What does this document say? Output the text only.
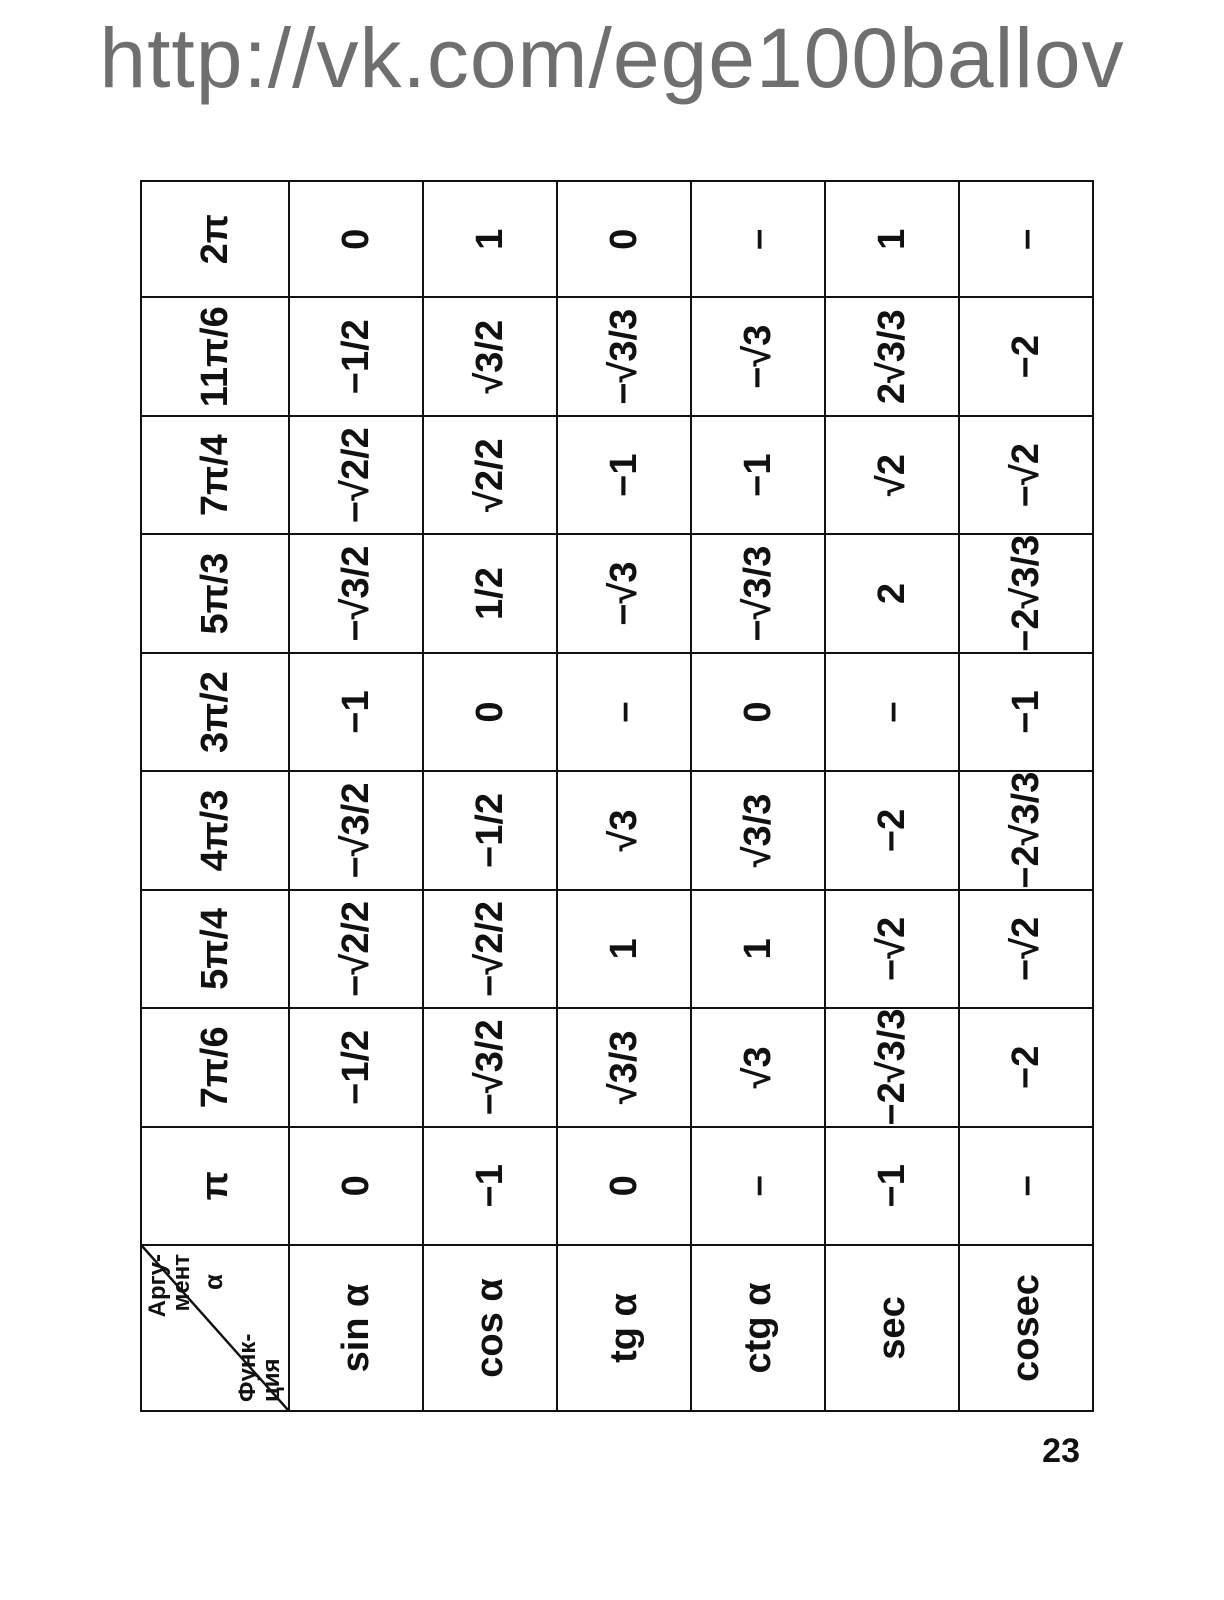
http://vk.com/ege100ballov
Аргу-
мент α
Функ-
ция	π	7π/6	5π/4	4π/3	3π/2	5π/3	7π/4	11π/6	2π
sin α	0	−1/2	−√2/2	−√3/2	−1	−√3/2	−√2/2	−1/2	0
cos α	−1	−√3/2	−√2/2	−1/2	0	1/2	√2/2	√3/2	1
tg α	0	√3/3	1	√3	–	−√3	−1	−√3/3	0
ctg α	–	√3	1	√3/3	0	−√3/3	−1	−√3	–
sec	−1	−2√3/3	−√2	−2	–	2	√2	2√3/3	1
cosec	–	−2	−√2	−2√3/3	−1	−2√3/3	−√2	−2	–
23
